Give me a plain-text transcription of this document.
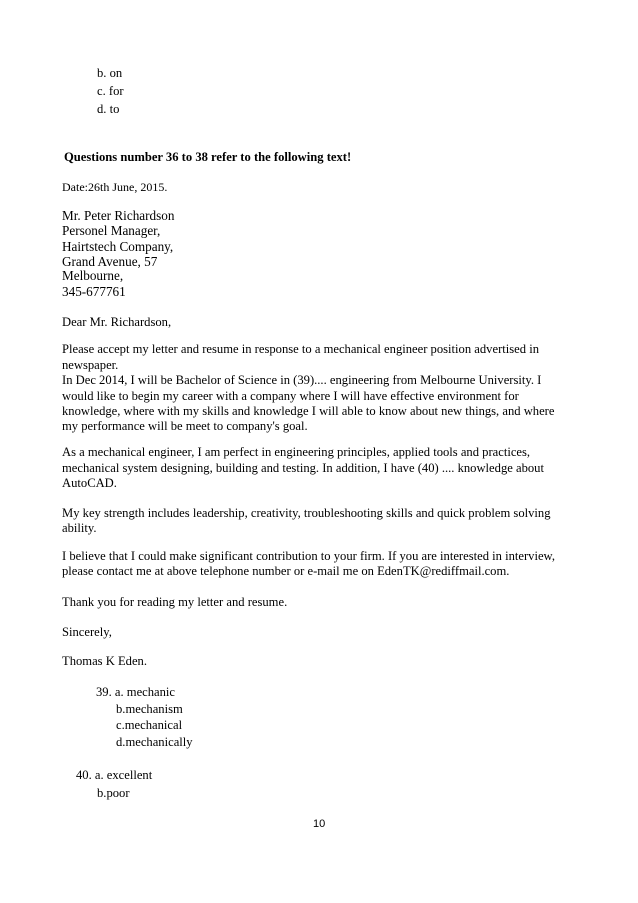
b. on
c. for
d. to
Questions number 36 to 38 refer to the following text!
Date:26th June, 2015.
Mr. Peter Richardson
Personel Manager,
Hairtstech Company,
Grand Avenue, 57
Melbourne,
345-677761
Dear Mr. Richardson,
Please accept my letter and resume in response to a mechanical engineer position advertised in
newspaper.
In Dec 2014, I will be Bachelor of Science in (39).... engineering from Melbourne University. I
would like to begin my career with a company where I will have effective environment for
knowledge, where with my skills and knowledge I will able to know about new things, and where
my performance will be meet to company's goal.
As a mechanical engineer, I am perfect in engineering principles, applied tools and practices,
mechanical system designing, building and testing. In addition, I have (40) .... knowledge about
AutoCAD.
My key strength includes leadership, creativity, troubleshooting skills and quick problem solving
ability.
I believe that I could make significant contribution to your firm. If you are interested in interview,
please contact me at above telephone number or e-mail me on EdenTK@rediffmail.com.
Thank you for reading my letter and resume.
Sincerely,
Thomas K Eden.
39. a. mechanic
b.mechanism
c.mechanical
d.mechanically
40. a. excellent
b.poor
10
